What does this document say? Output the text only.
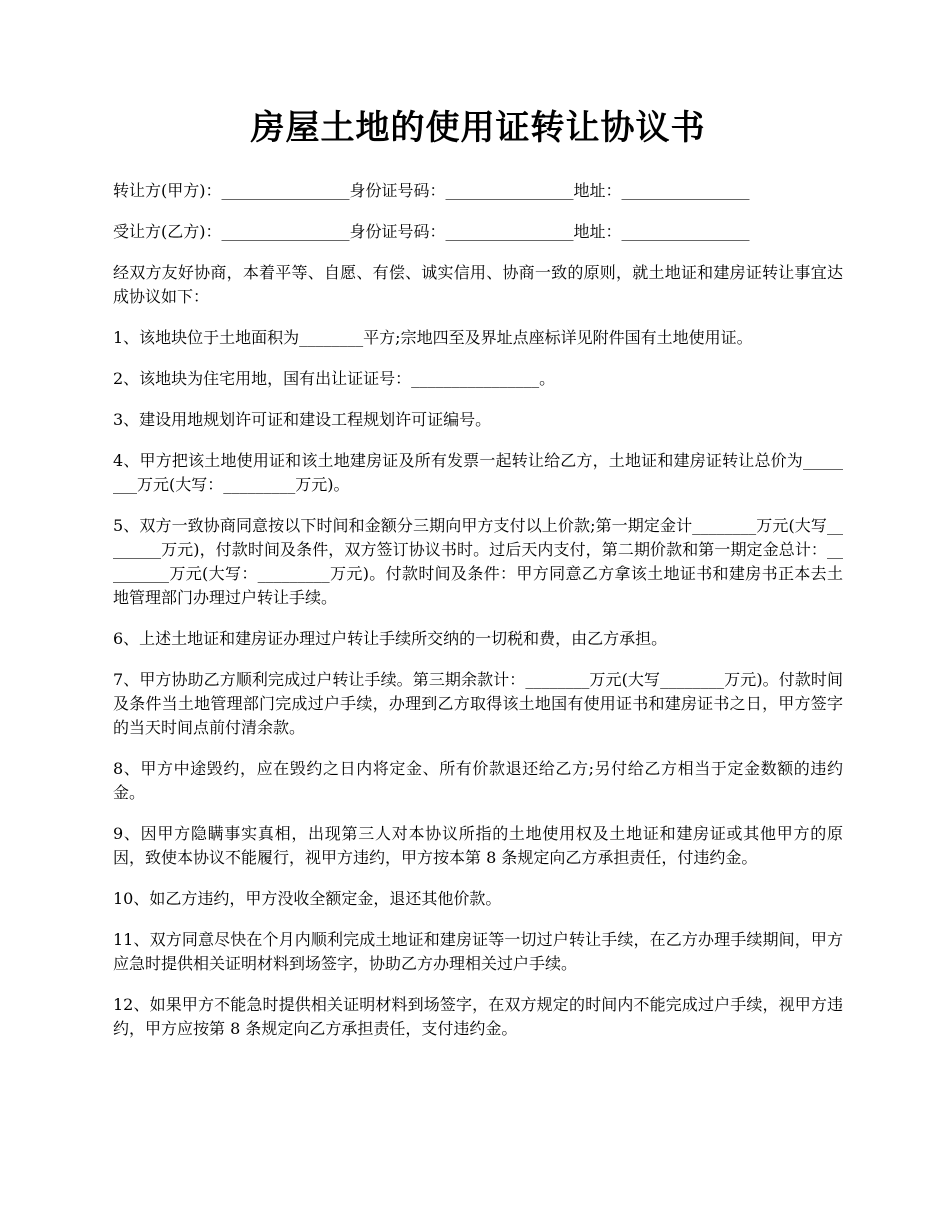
房屋土地的使用证转让协议书

转让方(甲方)：________________身份证号码：________________地址：________________

受让方(乙方)：________________身份证号码：________________地址：________________

经双方友好协商，本着平等、自愿、有偿、诚实信用、协商一致的原则，就土地证和建房证转让事宜达成协议如下：

1、该地块位于土地面积为________平方;宗地四至及界址点座标详见附件国有土地使用证。

2、该地块为住宅用地，国有出让证证号：________________。

3、建设用地规划许可证和建设工程规划许可证编号。

4、甲方把该土地使用证和该土地建房证及所有发票一起转让给乙方，土地证和建房证转让总价为________万元(大写：_________万元)。

5、双方一致协商同意按以下时间和金额分三期向甲方支付以上价款;第一期定金计________万元(大写________万元)，付款时间及条件，双方签订协议书时。过后天内支付，第二期价款和第一期定金总计：_________万元(大写：_________万元)。付款时间及条件：甲方同意乙方拿该土地证书和建房书正本去土地管理部门办理过户转让手续。

6、上述土地证和建房证办理过户转让手续所交纳的一切税和费，由乙方承担。

7、甲方协助乙方顺利完成过户转让手续。第三期余款计：________万元(大写________万元)。付款时间及条件当土地管理部门完成过户手续，办理到乙方取得该土地国有使用证书和建房证书之日，甲方签字的当天时间点前付清余款。

8、甲方中途毁约，应在毁约之日内将定金、所有价款退还给乙方;另付给乙方相当于定金数额的违约金。

9、因甲方隐瞒事实真相，出现第三人对本协议所指的土地使用权及土地证和建房证或其他甲方的原因，致使本协议不能履行，视甲方违约，甲方按本第 8 条规定向乙方承担责任，付违约金。

10、如乙方违约，甲方没收全额定金，退还其他价款。

11、双方同意尽快在个月内顺利完成土地证和建房证等一切过户转让手续，在乙方办理手续期间，甲方应急时提供相关证明材料到场签字，协助乙方办理相关过户手续。

12、如果甲方不能急时提供相关证明材料到场签字，在双方规定的时间内不能完成过户手续，视甲方违约，甲方应按第 8 条规定向乙方承担责任，支付违约金。
